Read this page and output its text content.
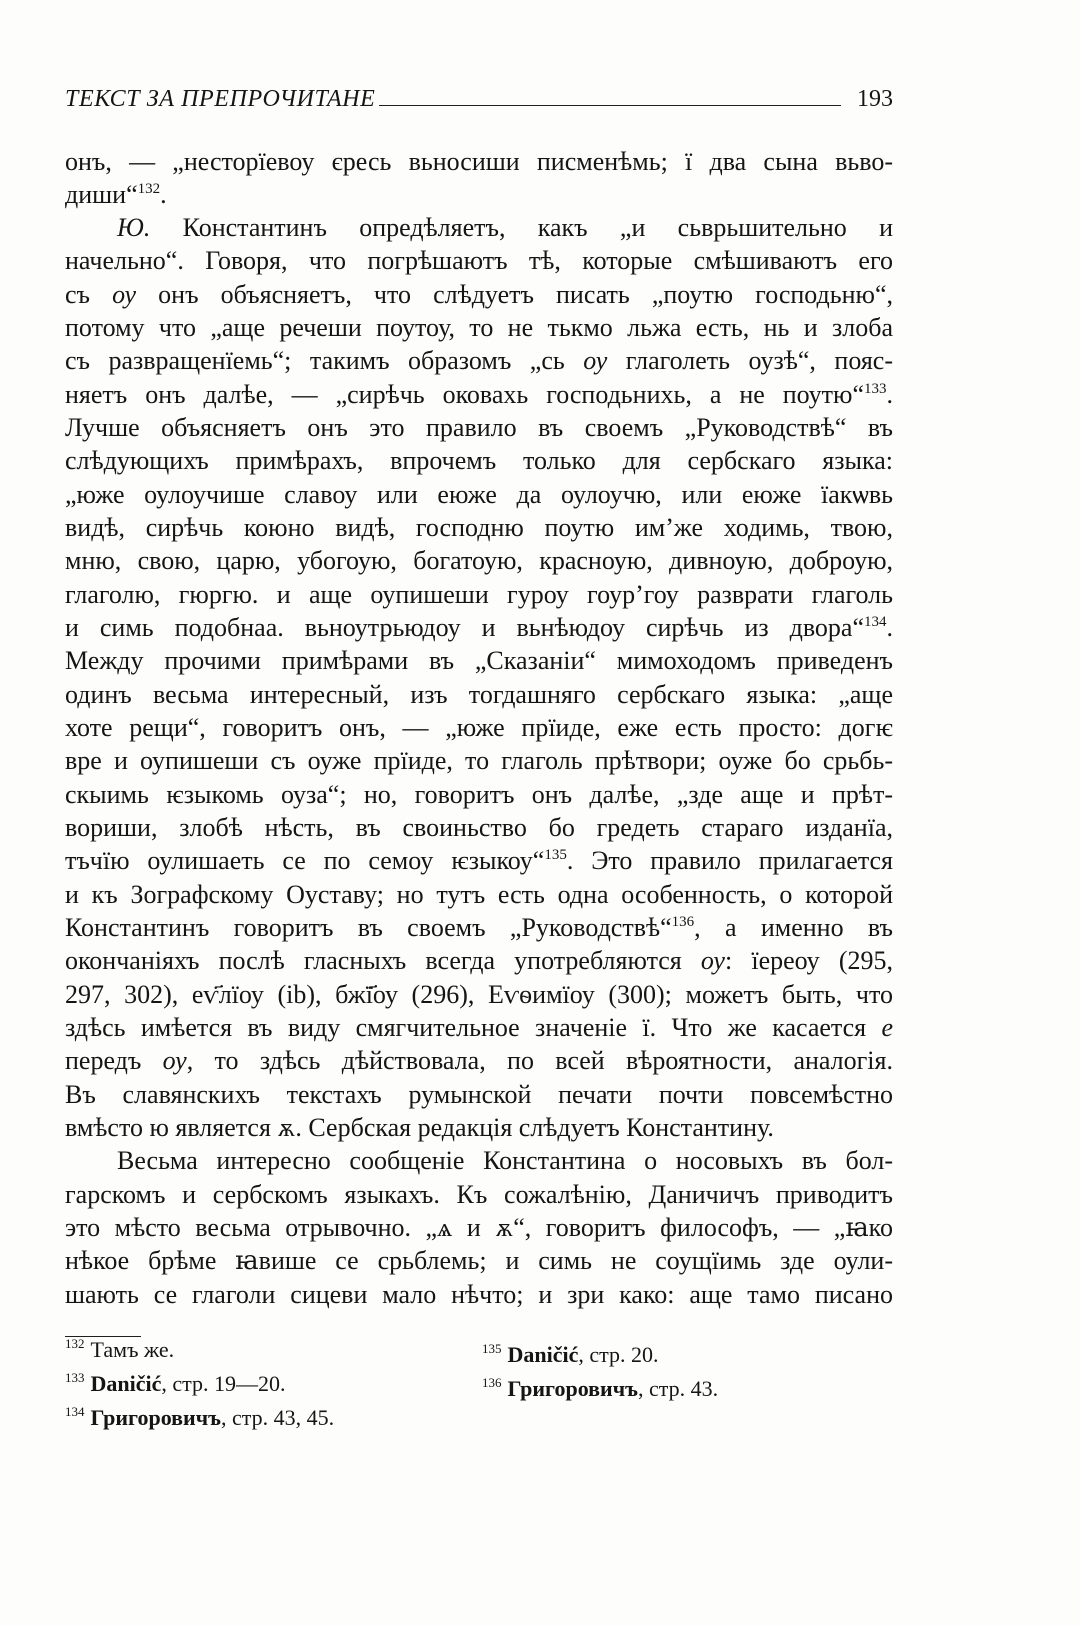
ТЕКСТ ЗА ПРЕПРОЧИТАНЕ	193
онъ, — „несторїевоу єресь вьносиши писменѣмь; ї два сына вьво-
диши“$^{132}$.
Ю. Константинъ опредѣляетъ, какъ „и сьврьшительно и
начельно“. Говоря, что погрѣшаютъ тѣ, которые смѣшиваютъ его
съ оу онъ объясняетъ, что слѣдуетъ писать „поутю господьню“,
потому что „аще речеши поутоу, то не тькмо льжа есть, нь и злоба
съ развращенїемь“; такимъ образомъ „сь оу глаголеть оузѣ“, пояс-
няетъ онъ далѣе, — „сирѣчь оковахь господьнихь, а не поутю“$^{133}$.
Лучше объясняетъ онъ это правило въ своемъ „Руководствѣ“ въ
слѣдующихъ примѣрахъ, впрочемъ только для сербскаго языка:
„юже оулоучише славоу или еюже да оулоучю, или еюже їакѡвь
видѣ, сирѣчь коюно видѣ, господню поутю имʼже ходимь, твою,
мню, свою, царю, убогоую, богатоую, красноую, дивноую, доброую,
глаголю, гюргю. и аще оупишеши гуроу гоурʼгоу разврати глаголь
и симь подобнаа. вьноутрьюдоу и вьнѣюдоу сирѣчь из двора“$^{134}$.
Между прочими примѣрами въ „Сказаніи“ мимоходомъ приведенъ
одинъ весьма интересный, изъ тогдашняго сербскаго языка: „аще
хоте рещи“, говоритъ онъ, — „юже прїиде, еже есть просто: догѥ
вре и оупишеши съ оуже прїиде, то глаголь прѣтвори; оуже бо срьбь-
скыимь ѥзыкомь оуза“; но, говоритъ онъ далѣе, „зде аще и прѣт-
вориши, злобѣ нѣсть, въ своиньство бо гредеть стараго изданїа,
тъчїю оулишаеть се по семоу ѥзыкоу“$^{135}$. Это правило прилагается
и къ Зографскому Оуставу; но тутъ есть одна особенность, о которой
Константинъ говоритъ въ своемъ „Руководствѣ“$^{136}$, а именно въ
окончаніяхъ послѣ гласныхъ всегда употребляются оу: їереоу (295,
297, 302), еѵ҃лїоу (ib), бжї҃оу (296), Еѵѳимїоу (300); можетъ быть, что
здѣсь имѣется въ виду смягчительное значеніе ї. Что же касается е
передъ оу, то здѣсь дѣйствовала, по всей вѣроятности, аналогія.
Въ славянскихъ текстахъ румынской печати почти повсемѣстно
вмѣсто ю является ѫ. Сербская редакція слѣдуетъ Константину.
Весьма интересно сообщеніе Константина о носовыхъ въ бол-
гарскомъ и сербскомъ языкахъ. Къ сожалѣнію, Даничичъ приводитъ
это мѣсто весьма отрывочно. „ѧ и ѫ“, говоритъ философъ, — „ꙗко
нѣкое брѣме ꙗвише се срьблемь; и симь не соущїимь зде оули-
шають се глаголи сицеви мало нѣчто; и зри како: аще тамо писано
$^{132}$ Тамъ же.
$^{133}$ Daničić, стр. 19—20.
$^{134}$ Григоровичъ, стр. 43, 45.
$^{135}$ Daničić, стр. 20.
$^{136}$ Григоровичъ, стр. 43.
